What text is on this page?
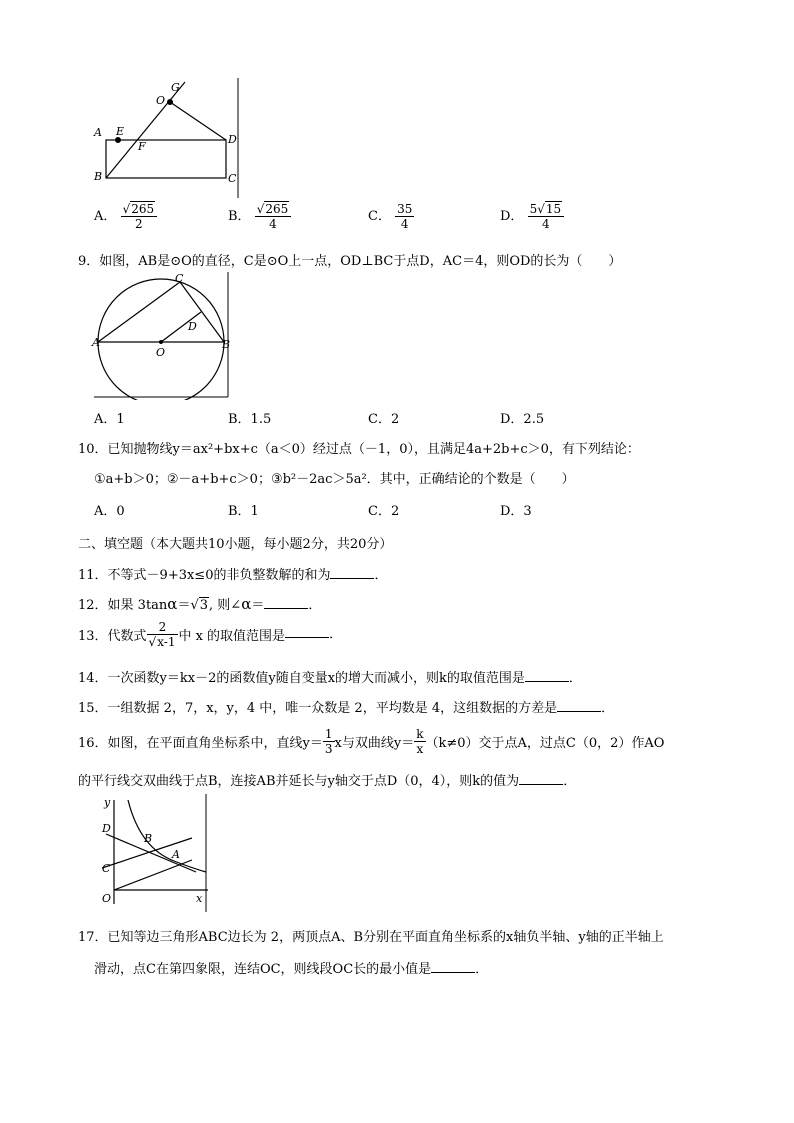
O
G
A E
F
D
B	C
A． $\frac{√265}{2}$	B． $\frac{√265}{4}$	C． $\frac{35}{4}$	D． $\frac{5√15}{4}$
9．如图，AB是⊙O的直径，C是⊙O上一点，OD⊥BC于点D，AC＝4，则OD的长为（　　）
C
D
A
O
B
A．1	B．1.5	C．2	D．2.5
10．已知抛物线y＝ax²+bx+c（a＜0）经过点（－1，0），且满足4a+2b+c＞0，有下列结论：
①a+b＞0；②－a+b+c＞0；③b²－2ac＞5a²．其中，正确结论的个数是（　　）
A．0	B．1	C．2	D．3
二、填空题（本大题共10小题，每小题2分，共20分）
11．不等式－9+3x≤0的非负整数解的和为	．
12．如果 3tanα＝√3, 则∠α＝	．
13．代数式 $\frac{2}{√x-1}$ 中 x 的取值范围是	．
14．一次函数y＝kx－2的函数值y随自变量x的增大而减小，则k的取值范围是	．
15．一组数据 2，7，x，y，4 中，唯一众数是 2，平均数是 4，这组数据的方差是	．
16．如图，在平面直角坐标系中，直线$y= \frac{1}{3}$ x与双曲线$y= \frac{k}{x} (k\ne 0)$交于点A，过点C（0，2）作AO
的平行线交双曲线于点B，连接AB并延长与y轴交于点D（0，4），则k的值为	．
y
D
B
C
A
O	x
17．已知等边三角形ABC边长为 2，两顶点A、B分别在平面直角坐标系的x轴负半轴、y轴的正半轴上
滑动，点C在第四象限，连结OC，则线段OC长的最小值是	．
